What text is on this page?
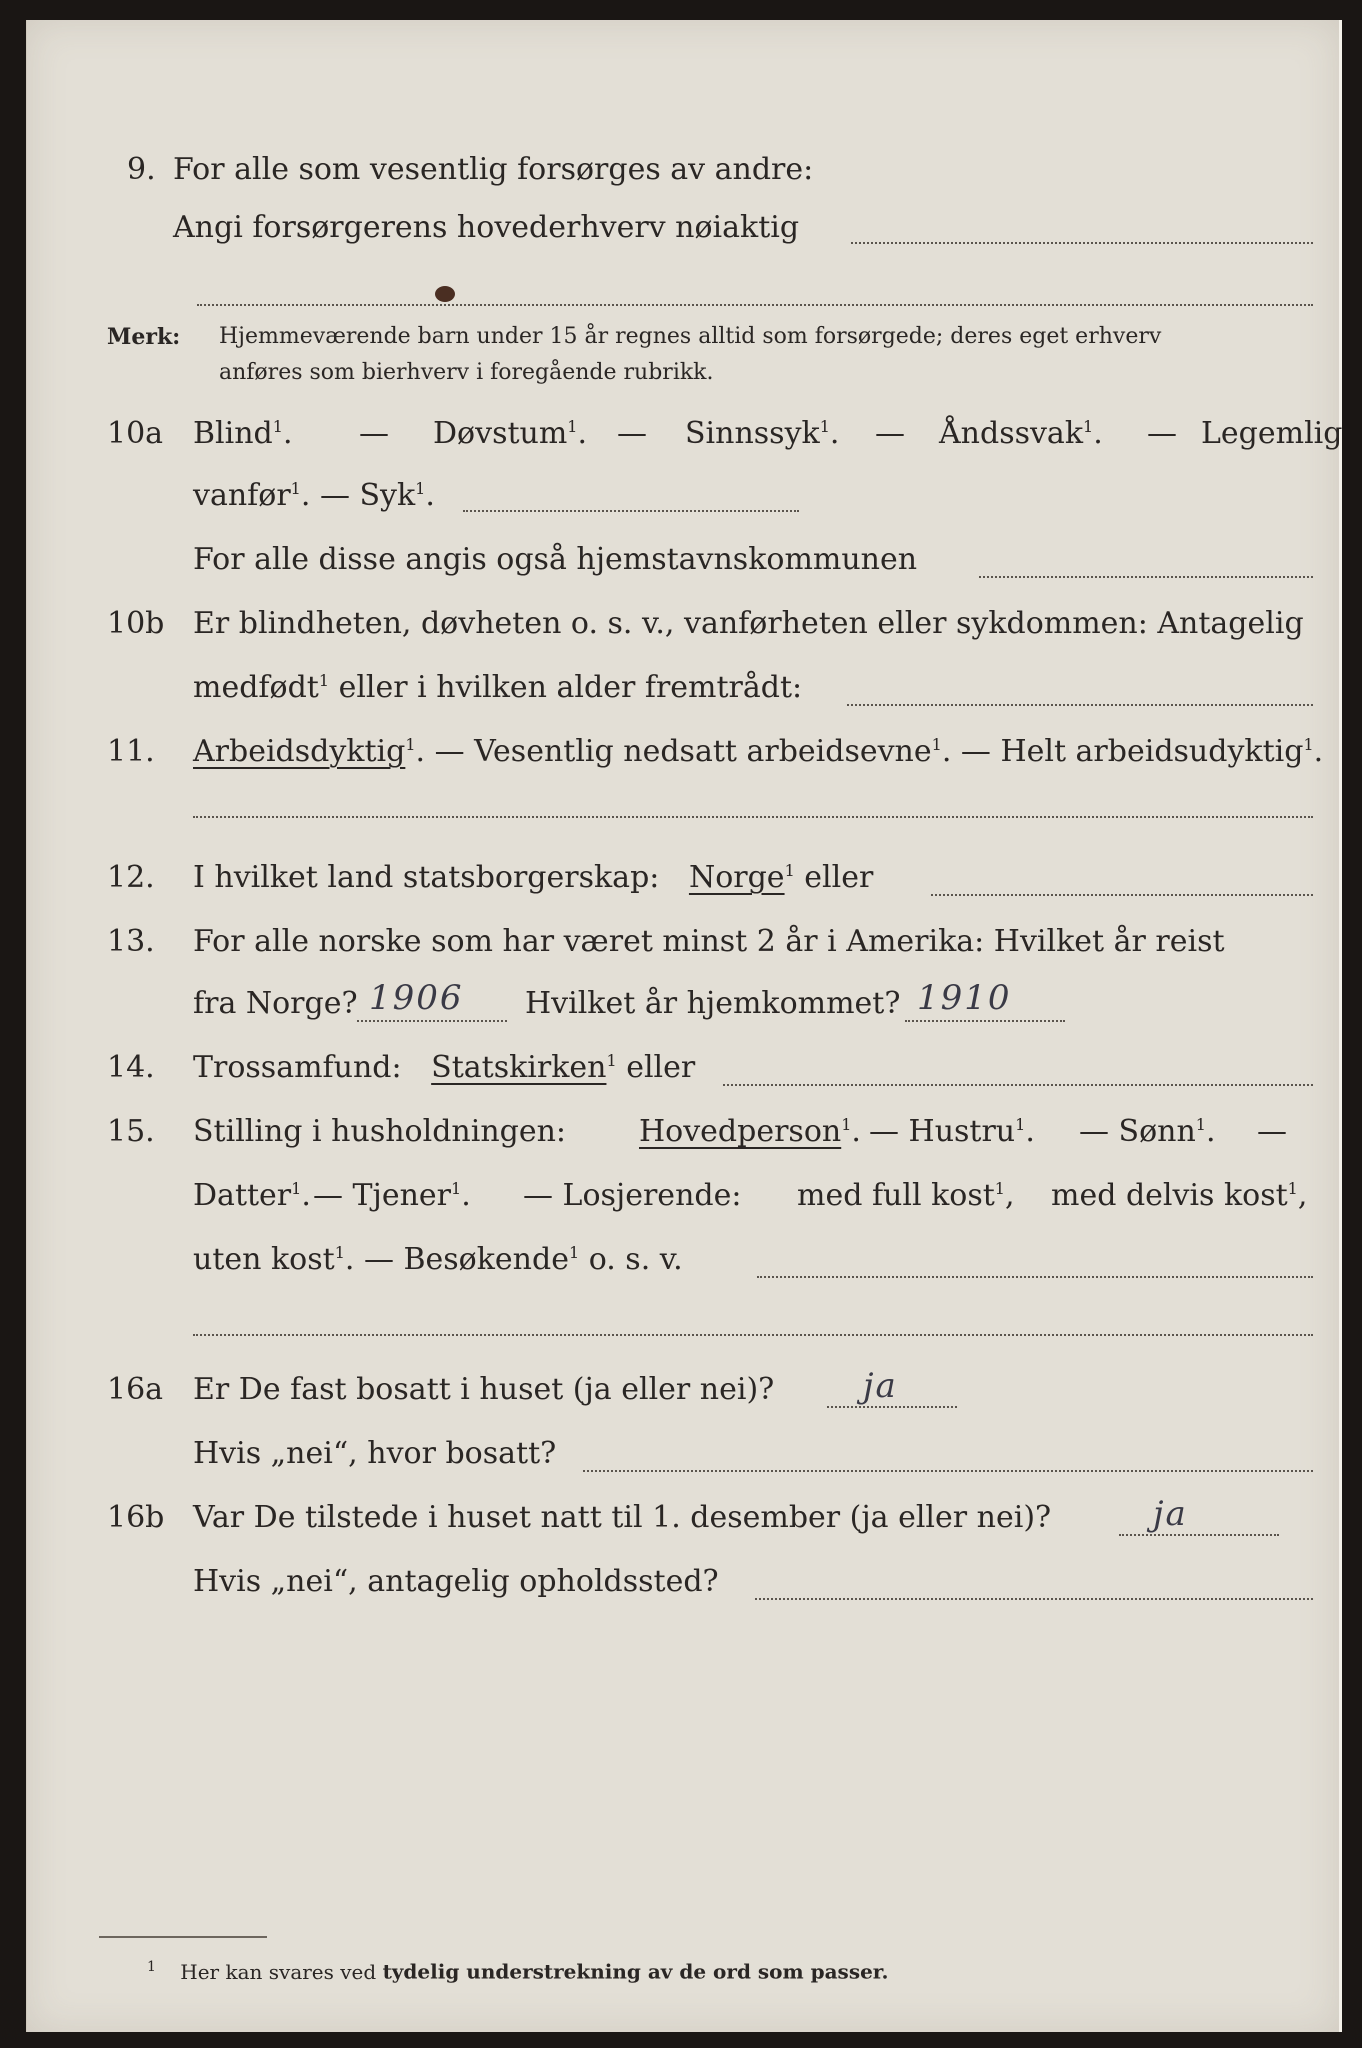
9. For alle som vesentlig forsørges av andre:
Angi forsørgerens hovederhverv nøiaktig
Merk: Hjemmeværende barn under 15 år regnes alltid som forsørgede; deres eget erhverv
anføres som bierhverv i foregående rubrikk.
10a Blind$^1$. — Døvstum$^1$. — Sinnssyk$^1$. — Åndssvak$^1$. — Legemlig
vanfør$^1$. — Syk$^1$.
For alle disse angis også hjemstavnskommunen
10b Er blindheten, døvheten o. s. v., vanførheten eller sykdommen: Antagelig
medfødt$^1$ eller i hvilken alder fremtrådt:
11. Arbeidsdyktig$^1$. — Vesentlig nedsatt arbeidsevne$^1$. — Helt arbeidsudyktig$^1$.
12. I hvilket land statsborgerskap: Norge$^1$ eller
13. For alle norske som har været minst 2 år i Amerika: Hvilket år reist
fra Norge? 1906 Hvilket år hjemkommet? 1910
14. Trossamfund: Statskirken$^1$ eller
15. Stilling i husholdningen: Hovedperson$^1$. — Hustru$^1$. — Sønn$^1$. —
Datter$^1$. — Tjener$^1$. — Losjerende: med full kost$^1$, med delvis kost$^1$,
uten kost$^1$. — Besøkende$^1$ o. s. v.
16a Er De fast bosatt i huset (ja eller nei)?	ja
Hvis „nei“, hvor bosatt?
16b Var De tilstede i huset natt til 1. desember (ja eller nei)?	ja
Hvis „nei“, antagelig opholdssted?
$^1$ Her kan svares ved tydelig understrekning av de ord som passer.
